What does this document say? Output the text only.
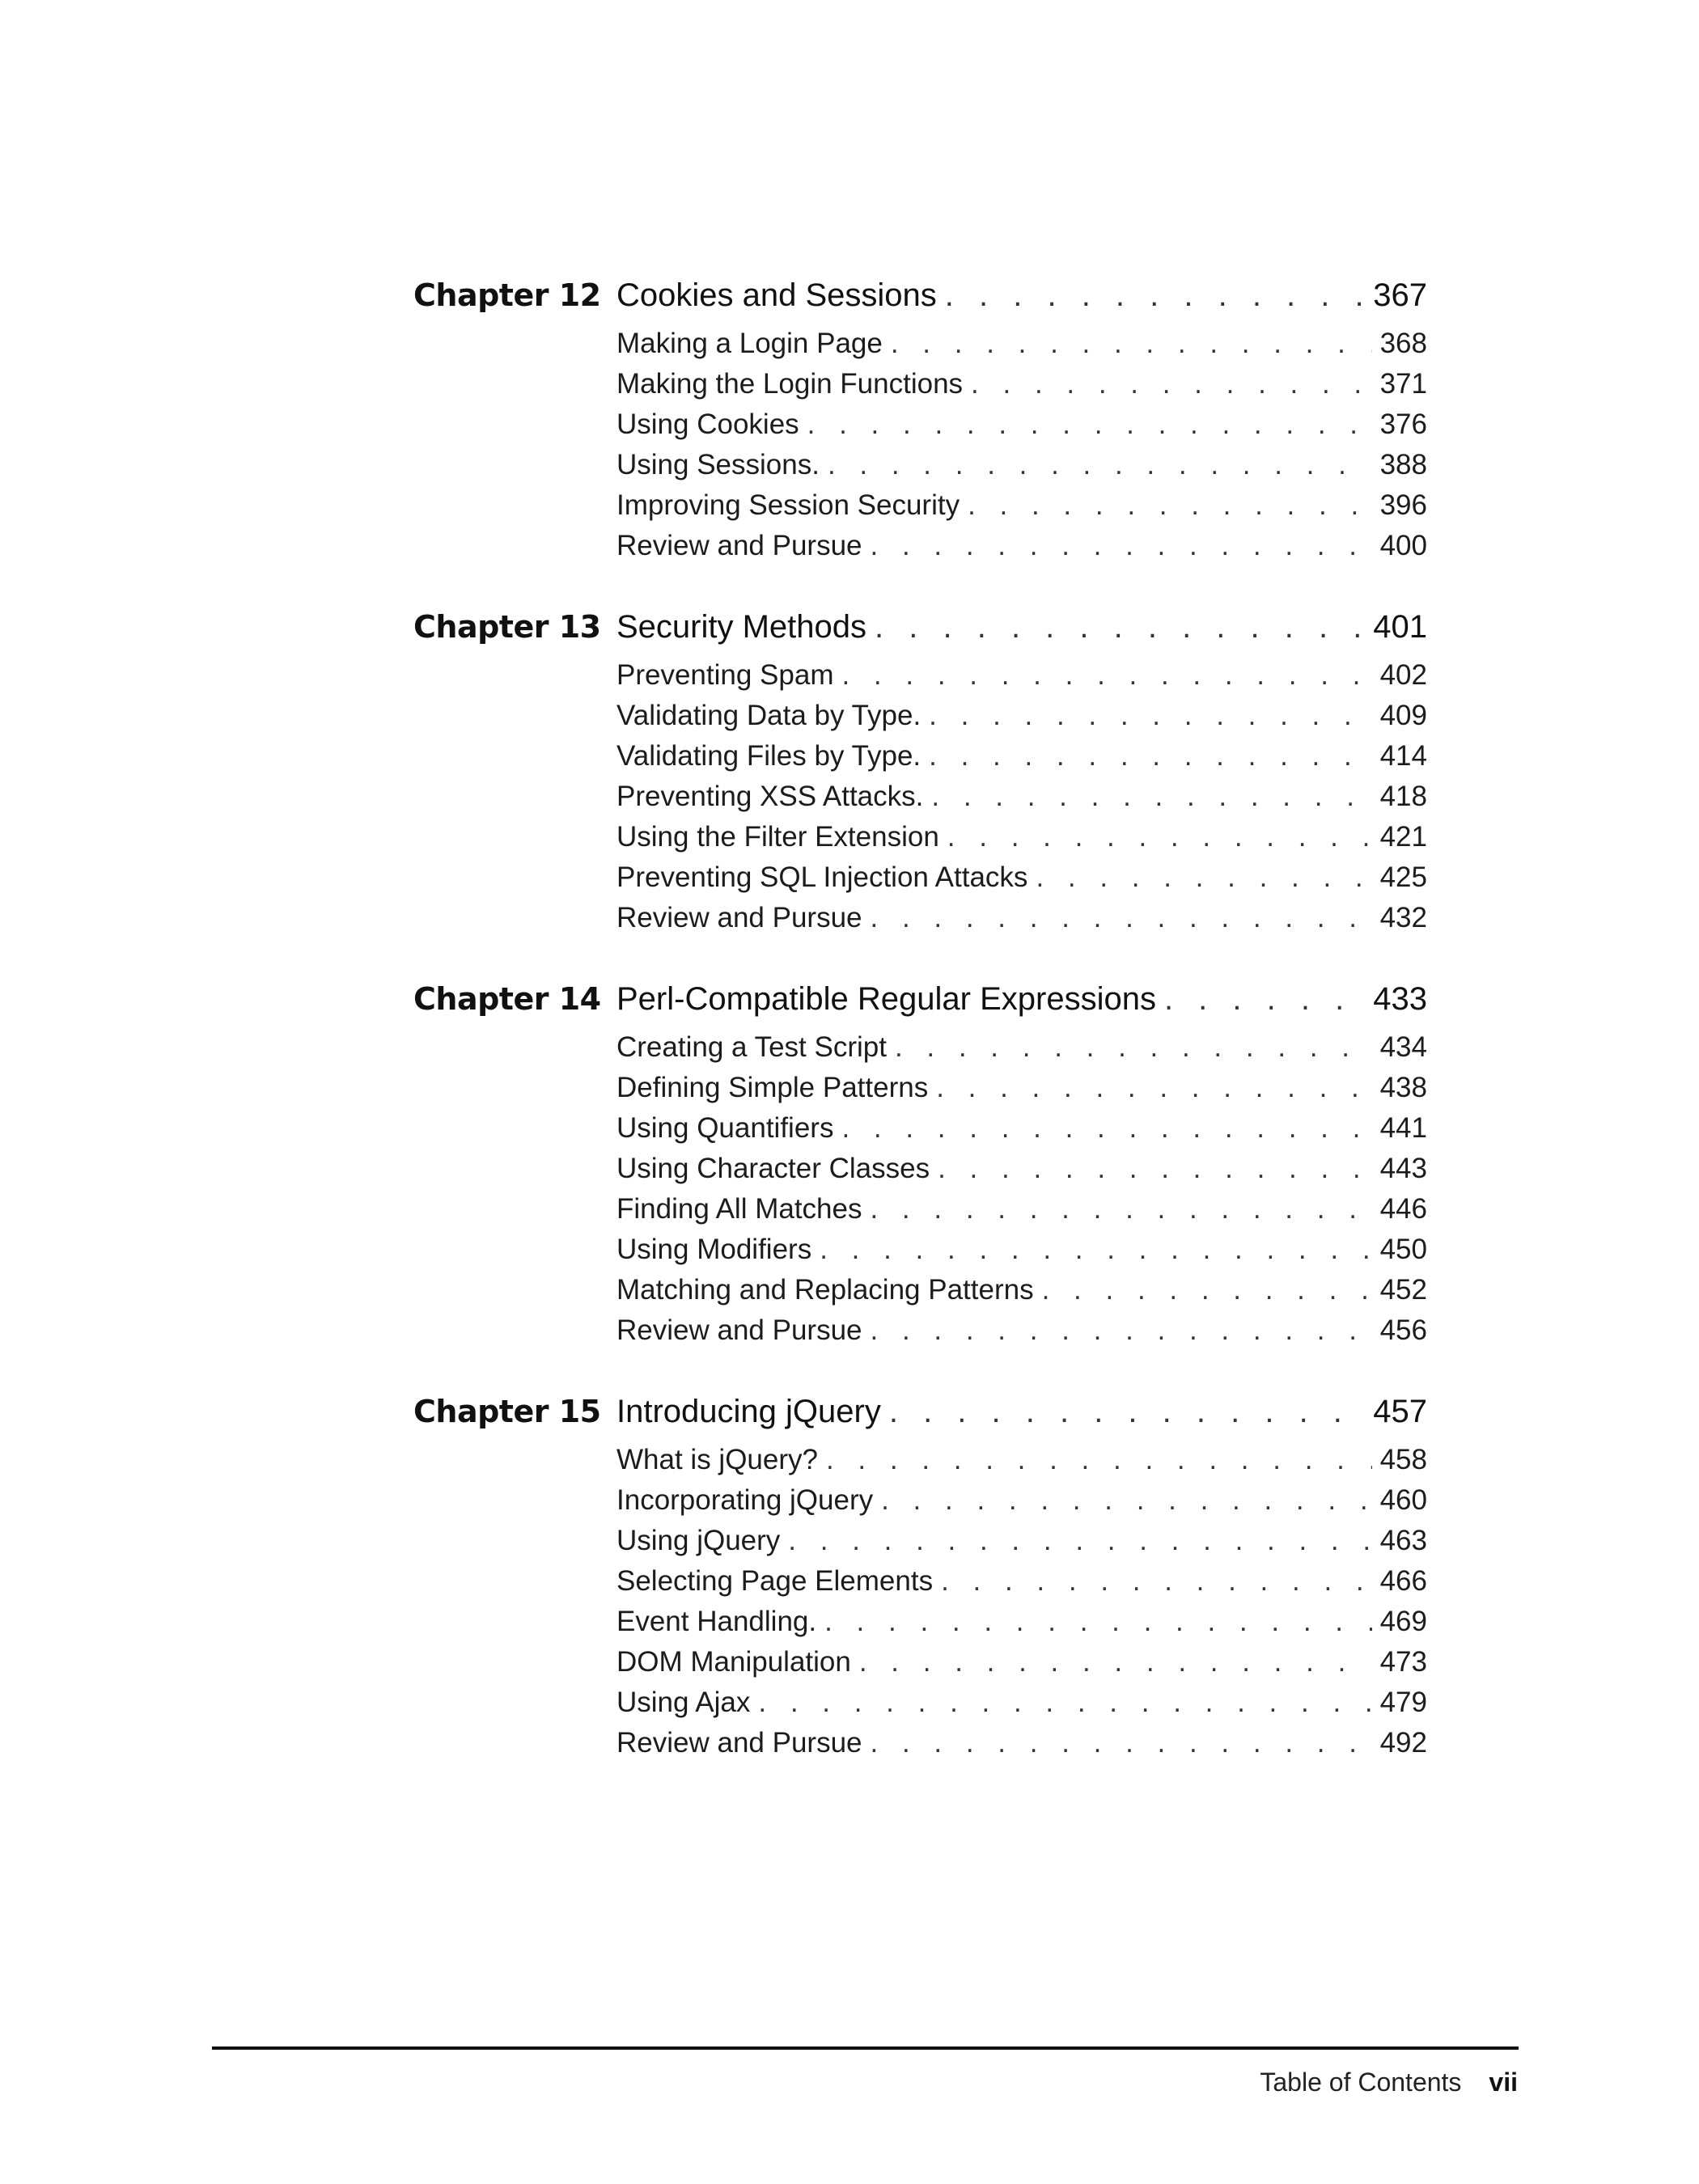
Chapter 12 Cookies and Sessions . . .	367
Making a Login Page . . .	368
Making the Login Functions . . .	371
Using Cookies . . .	376
Using Sessions. . . .	388
Improving Session Security . . .	396
Review and Pursue . . .	400
Chapter 13 Security Methods . . .	401
Preventing Spam . . .	402
Validating Data by Type. . . .	409
Validating Files by Type. . . .	414
Preventing XSS Attacks. . . .	418
Using the Filter Extension . . .	421
Preventing SQL Injection Attacks . . .	425
Review and Pursue . . .	432
Chapter 14 Perl-Compatible Regular Expressions . . .	433
Creating a Test Script . . .	434
Defining Simple Patterns . . .	438
Using Quantifiers . . .	441
Using Character Classes . . .	443
Finding All Matches . . .	446
Using Modifiers . . .	450
Matching and Replacing Patterns . . .	452
Review and Pursue . . .	456
Chapter 15 Introducing jQuery . . .	457
What is jQuery? . . .	458
Incorporating jQuery . . .	460
Using jQuery . . .	463
Selecting Page Elements . . .	466
Event Handling. . . .	469
DOM Manipulation . . .	473
Using Ajax . . .	479
Review and Pursue . . .	492
Table of Contents vii
